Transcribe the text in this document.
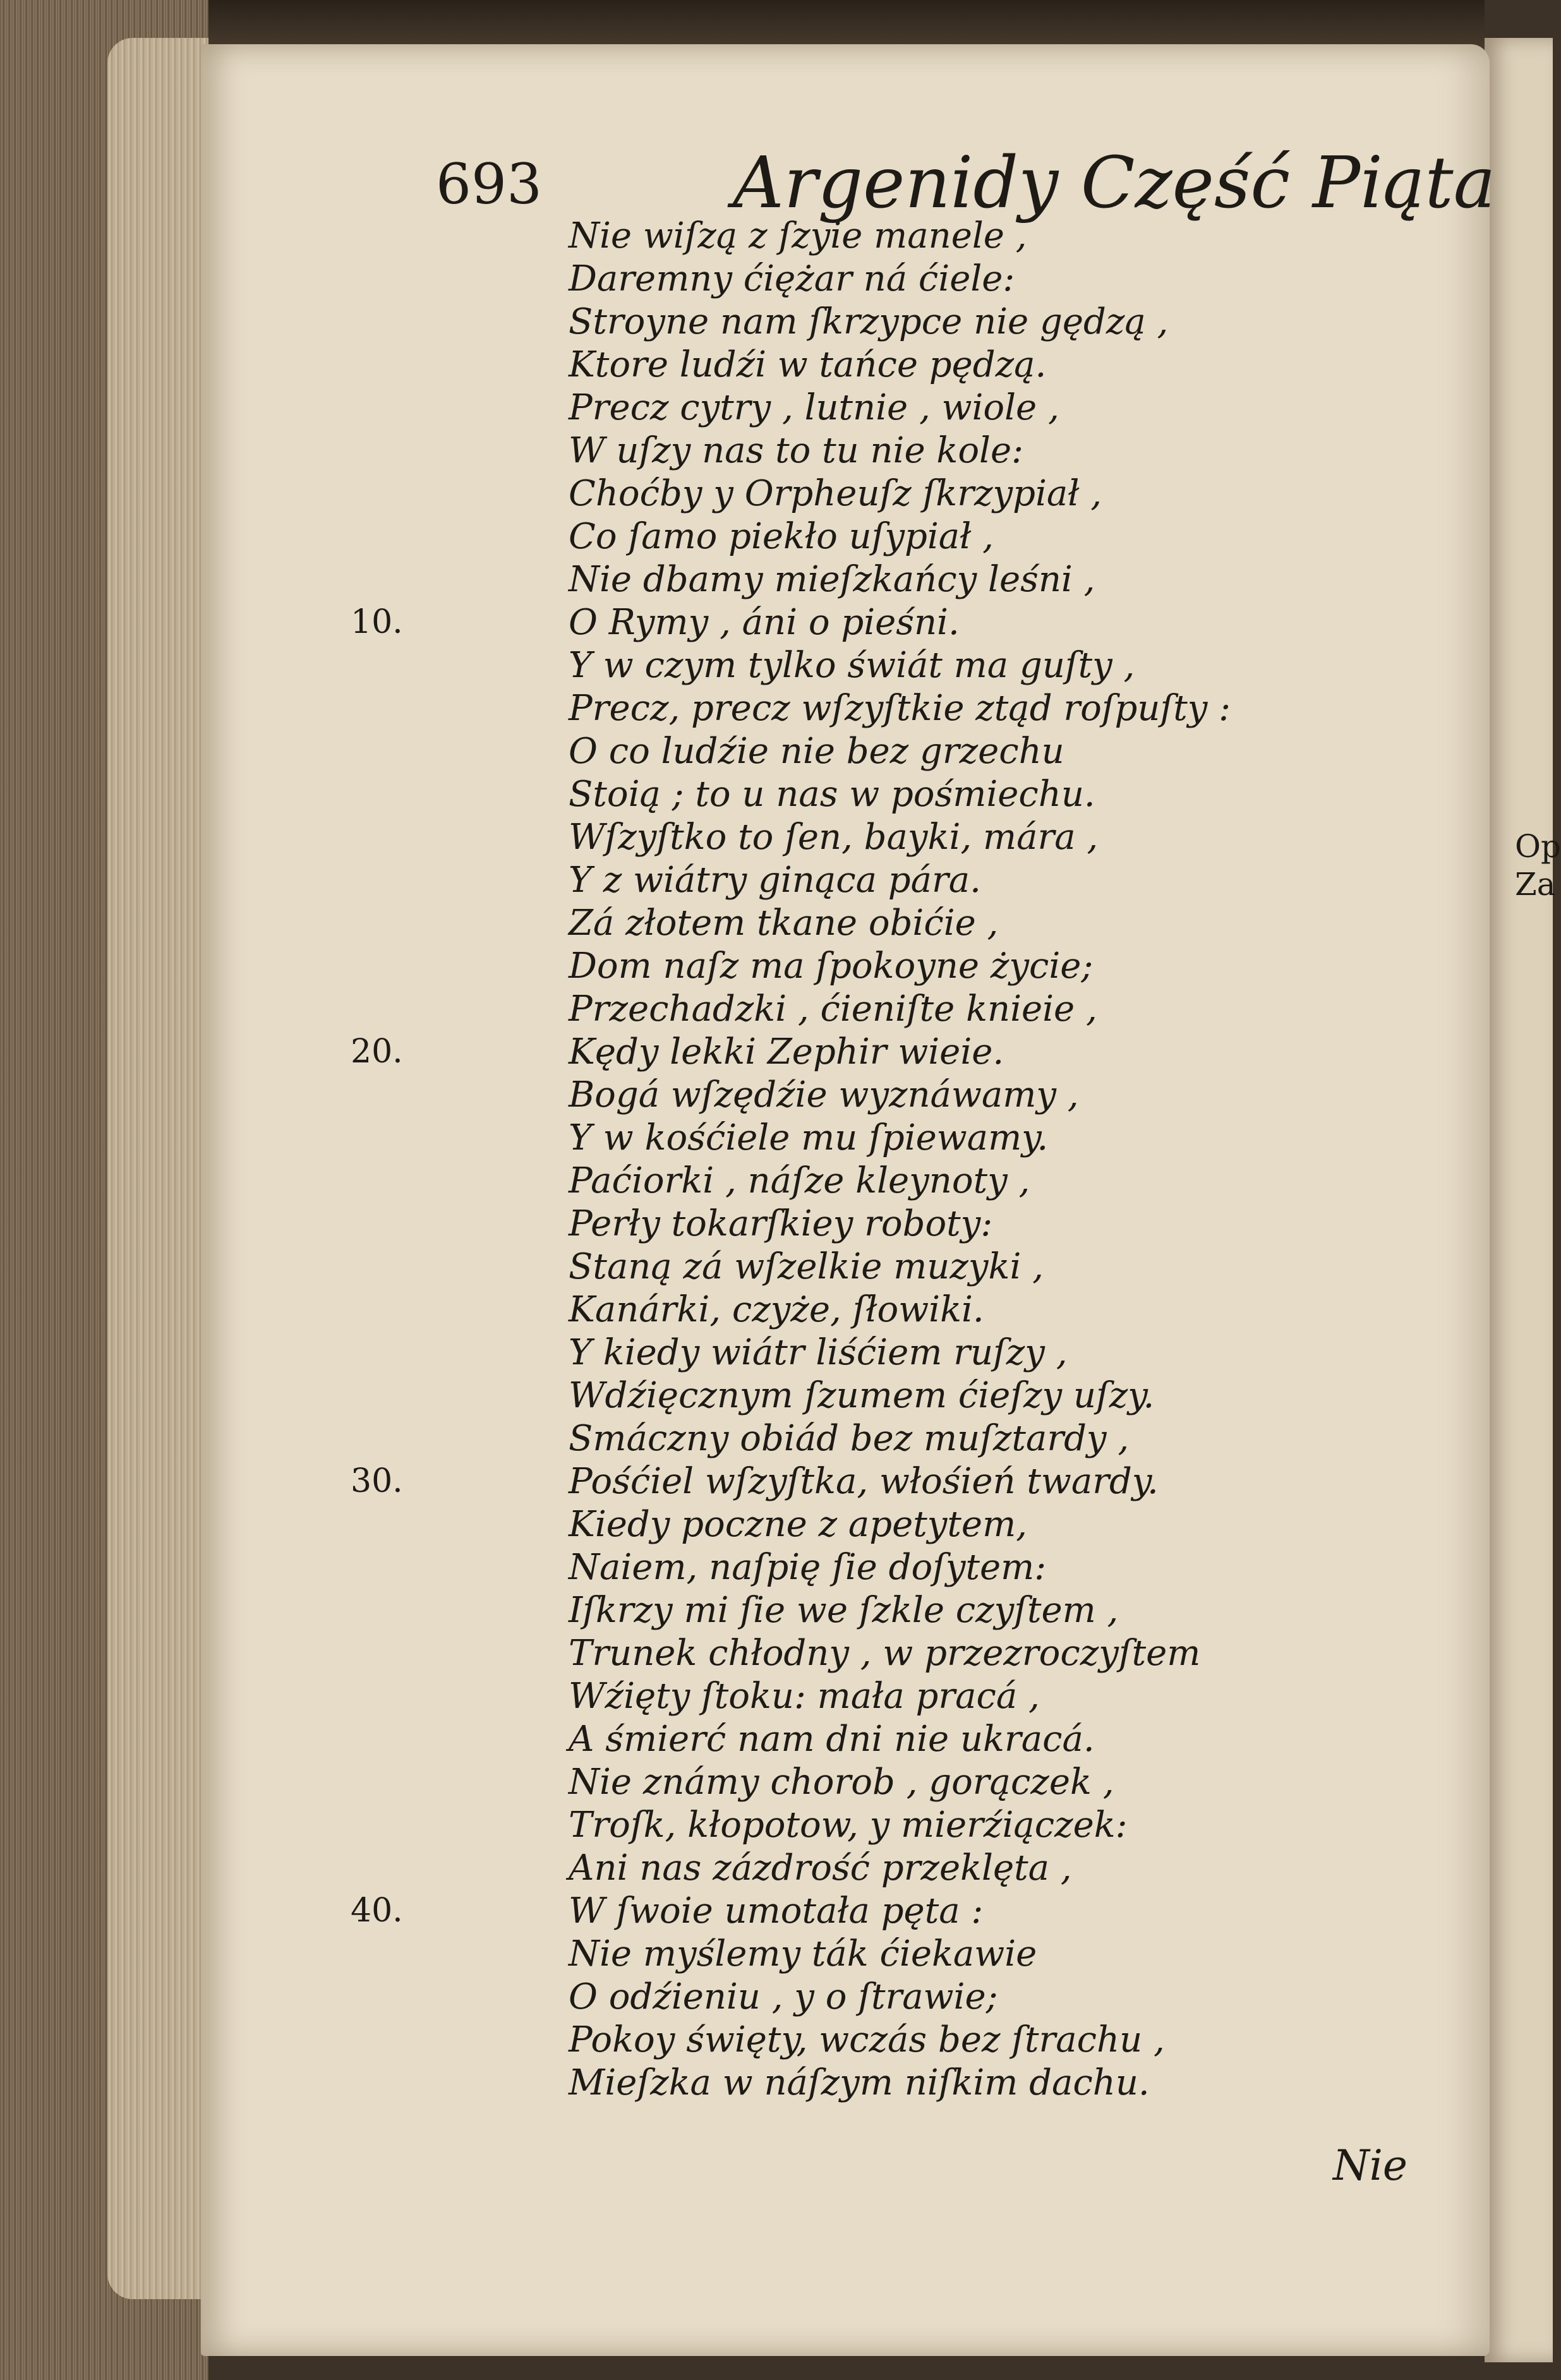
Op
Za
693	Argenidy Część Piąta
Nie wiſzą z ſzyie manele ,
Daremny ćiężar ná ćiele:
Stroyne nam ſkrzypce nie gędzą ,
Ktore ludźi w tańce pędzą.
Precz cytry , lutnie , wiole ,
W uſzy nas to tu nie kole:
Choćby y Orpheuſz ſkrzypiał ,
Co ſamo piekło uſypiał ,
Nie dbamy mieſzkańcy leśni ,
O Rymy , áni o pieśni.
Y w czym tylko świát ma guſty ,
Precz, precz wſzyſtkie ztąd roſpuſty :
O co ludźie nie bez grzechu
Stoią ; to u nas w pośmiechu.
Wſzyſtko to ſen, bayki, mára ,
Y z wiátry ginąca pára.
Zá złotem tkane obićie ,
Dom naſz ma ſpokoyne życie;
Przechadzki , ćieniſte knieie ,
Kędy lekki Zephir wieie.
Bogá wſzędźie wyznáwamy ,
Y w kośćiele mu ſpiewamy.
Paćiorki , náſze kleynoty ,
Perły tokarſkiey roboty:
Staną zá wſzelkie muzyki ,
Kanárki, czyże, ſłowiki.
Y kiedy wiátr liśćiem ruſzy ,
Wdźięcznym ſzumem ćieſzy uſzy.
Smáczny obiád bez muſztardy ,
Pośćiel wſzyſtka, włośień twardy.
Kiedy poczne z apetytem,
Naiem, naſpię ſie doſytem:
Iſkrzy mi ſie we ſzkle czyſtem ,
Trunek chłodny , w przezroczyſtem
Wźięty ſtoku: mała pracá ,
A śmierć nam dni nie ukracá.
Nie známy chorob , gorączek ,
Troſk, kłopotow, y mierźiączek:
Ani nas zázdrość przeklęta ,
W ſwoie umotała pęta :
Nie myślemy ták ćiekawie
O odźieniu , y o ſtrawie;
Pokoy święty, wczás bez ſtrachu ,
Mieſzka w náſzym niſkim dachu.
10.
20.
30.
40.
Nie
